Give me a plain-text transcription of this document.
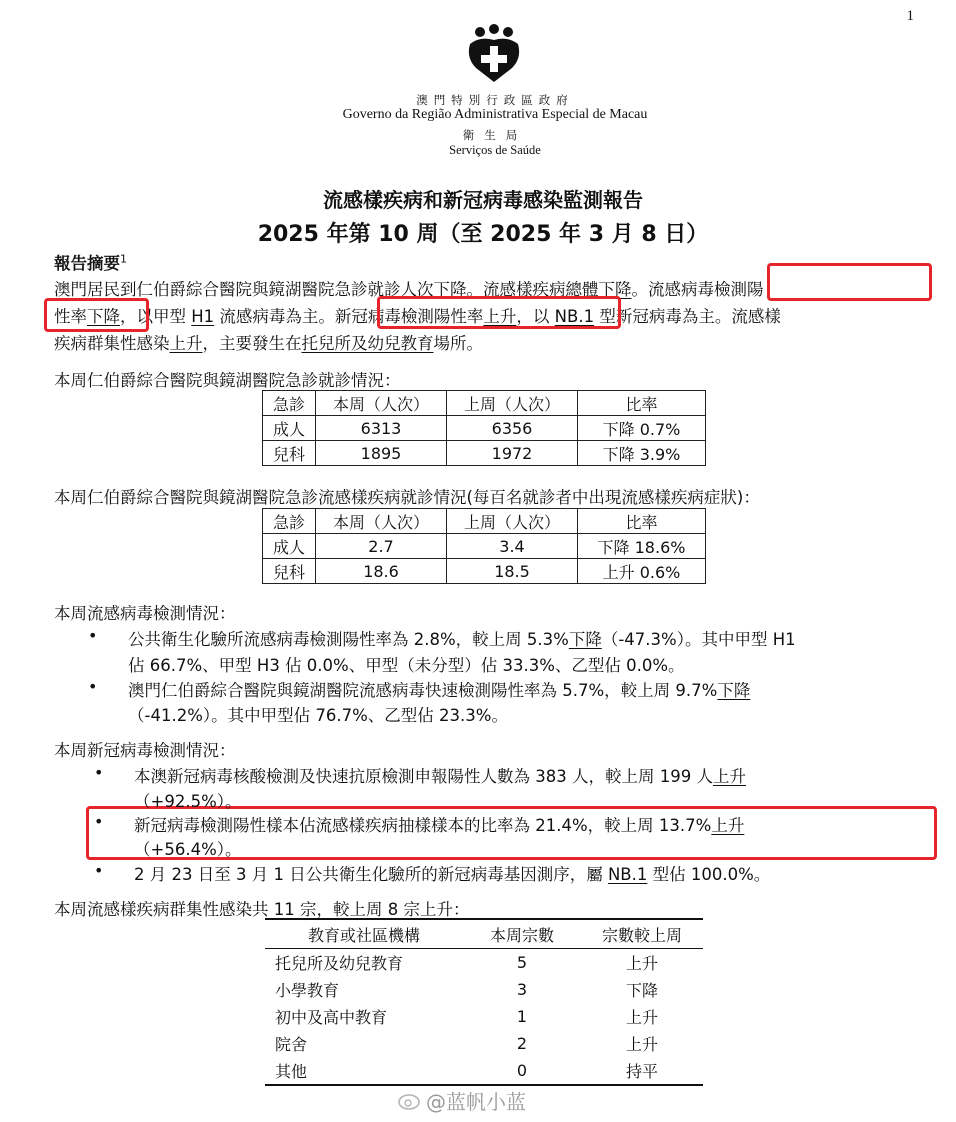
1
澳門特別行政區政府
Governo da Região Administrativa Especial de Macau
衛生局
Serviços de Saúde
流感樣疾病和新冠病毒感染監測報告
2025 年第 10 周（至 2025 年 3 月 8 日）
報告摘要$^1$
澳門居民到仁伯爵綜合醫院與鏡湖醫院急診就診人次下降。流感樣疾病總體下降。流感病毒檢測陽
性率下降，以甲型 H1 流感病毒為主。新冠病毒檢測陽性率上升，以 NB.1 型新冠病毒為主。流感樣
疾病群集性感染上升，主要發生在托兒所及幼兒教育場所。
本周仁伯爵綜合醫院與鏡湖醫院急診就診情況：
急診	本周（人次）	上周（人次）	比率
成人	6313	6356	下降 0.7%
兒科	1895	1972	下降 3.9%
本周仁伯爵綜合醫院與鏡湖醫院急診流感樣疾病就診情況(每百名就診者中出現流感樣疾病症狀)：
急診	本周（人次）	上周（人次）	比率
成人	2.7	3.4	下降 18.6%
兒科	18.6	18.5	上升 0.6%
本周流感病毒檢測情況：
• 公共衛生化驗所流感病毒檢測陽性率為 2.8%，較上周 5.3%下降（-47.3%）。其中甲型 H1
佔 66.7%、甲型 H3 佔 0.0%、甲型（未分型）佔 33.3%、乙型佔 0.0%。
• 澳門仁伯爵綜合醫院與鏡湖醫院流感病毒快速檢測陽性率為 5.7%，較上周 9.7%下降
（-41.2%）。其中甲型佔 76.7%、乙型佔 23.3%。
本周新冠病毒檢測情況：
• 本澳新冠病毒核酸檢測及快速抗原檢測申報陽性人數為 383 人，較上周 199 人上升
（+92.5%）。
• 新冠病毒檢測陽性樣本佔流感樣疾病抽樣樣本的比率為 21.4%，較上周 13.7%上升
（+56.4%）。
• 2 月 23 日至 3 月 1 日公共衛生化驗所的新冠病毒基因測序，屬 NB.1 型佔 100.0%。
本周流感樣疾病群集性感染共 11 宗，較上周 8 宗上升：
教育或社區機構	本周宗數	宗數較上周
托兒所及幼兒教育	5	上升
小學教育	3	下降
初中及高中教育	1	上升
院舍	2	上升
其他	0	持平
@蓝帆小蓝
